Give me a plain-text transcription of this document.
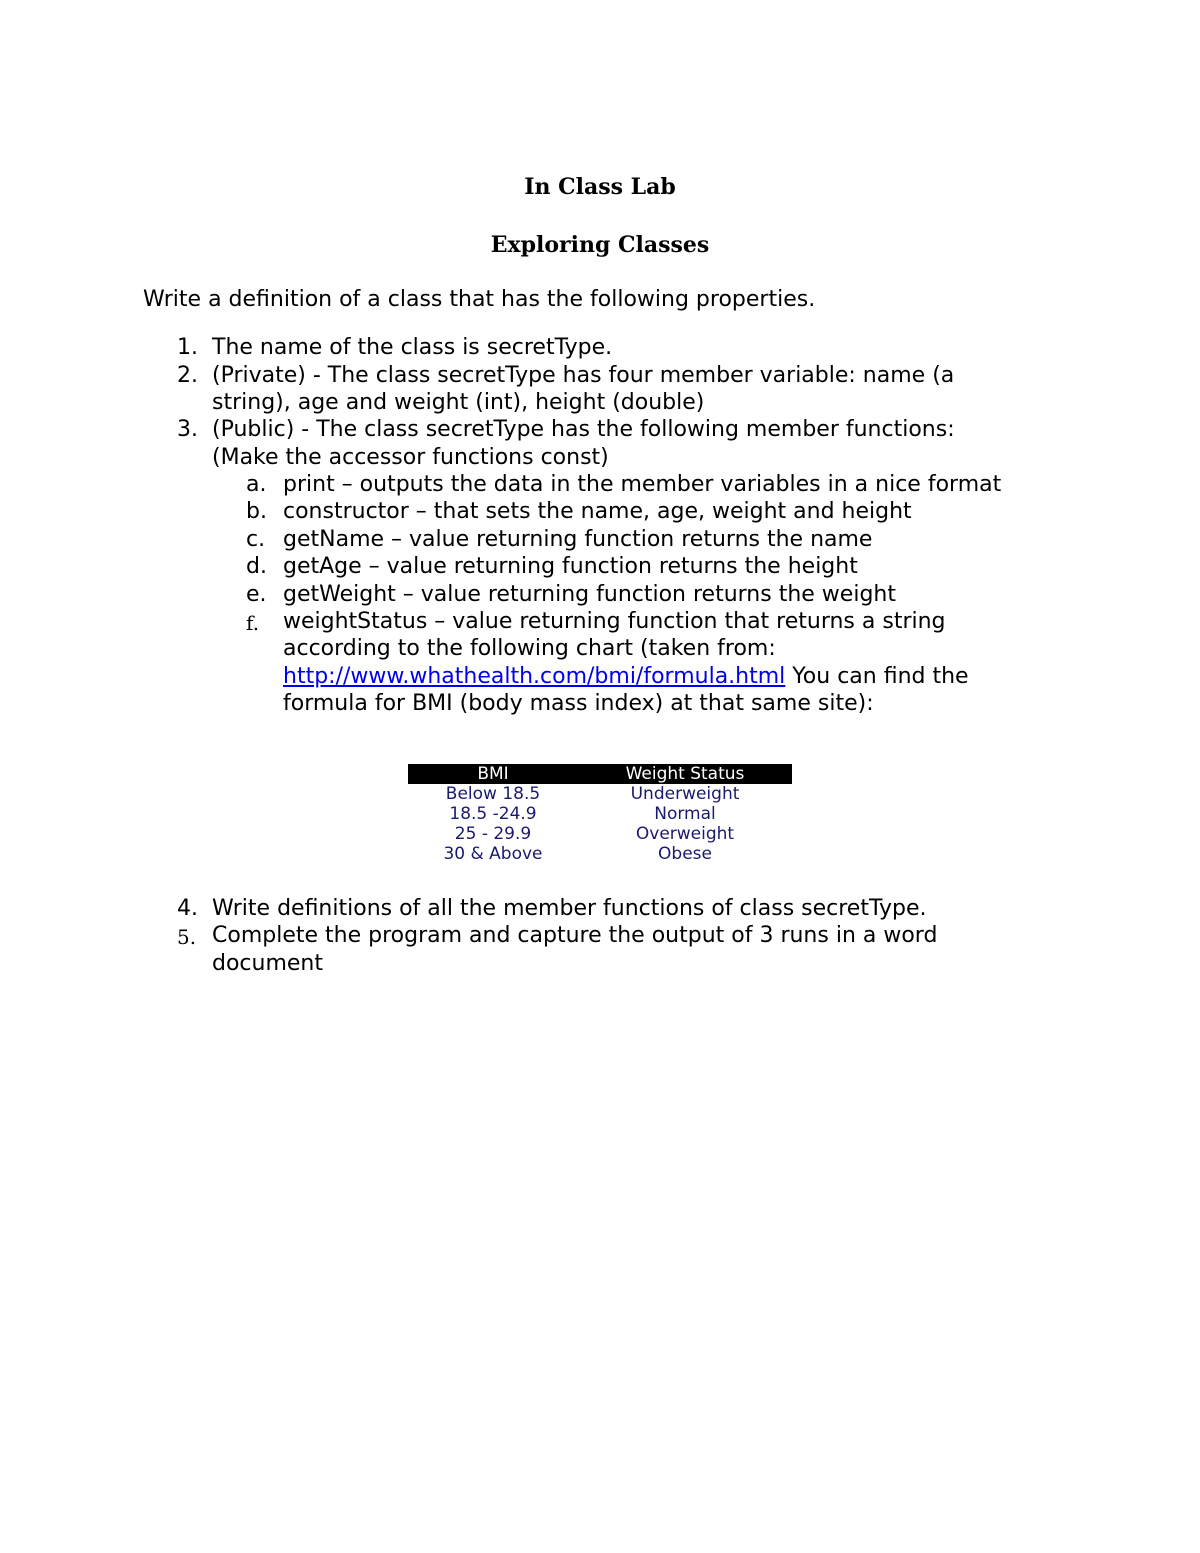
In Class Lab
Exploring Classes
Write a definition of a class that has the following properties.
1. The name of the class is secretType.
2. (Private) - The class secretType has four member variable: name (a
string), age and weight (int), height (double)
3. (Public) - The class secretType has the following member functions:
(Make the accessor functions const)
a. print – outputs the data in the member variables in a nice format
b. constructor – that sets the name, age, weight and height
c. getName – value returning function returns the name
d. getAge – value returning function returns the height
e. getWeight – value returning function returns the weight
f. weightStatus – value returning function that returns a string
according to the following chart (taken from:
http://www.whathealth.com/bmi/formula.html You can find the
formula for BMI (body mass index) at that same site):
BMI	Weight Status
Below 18.5	Underweight
18.5 -24.9	Normal
25 - 29.9	Overweight
30 & Above	Obese
4. Write definitions of all the member functions of class secretType.
5. Complete the program and capture the output of 3 runs in a word
document
